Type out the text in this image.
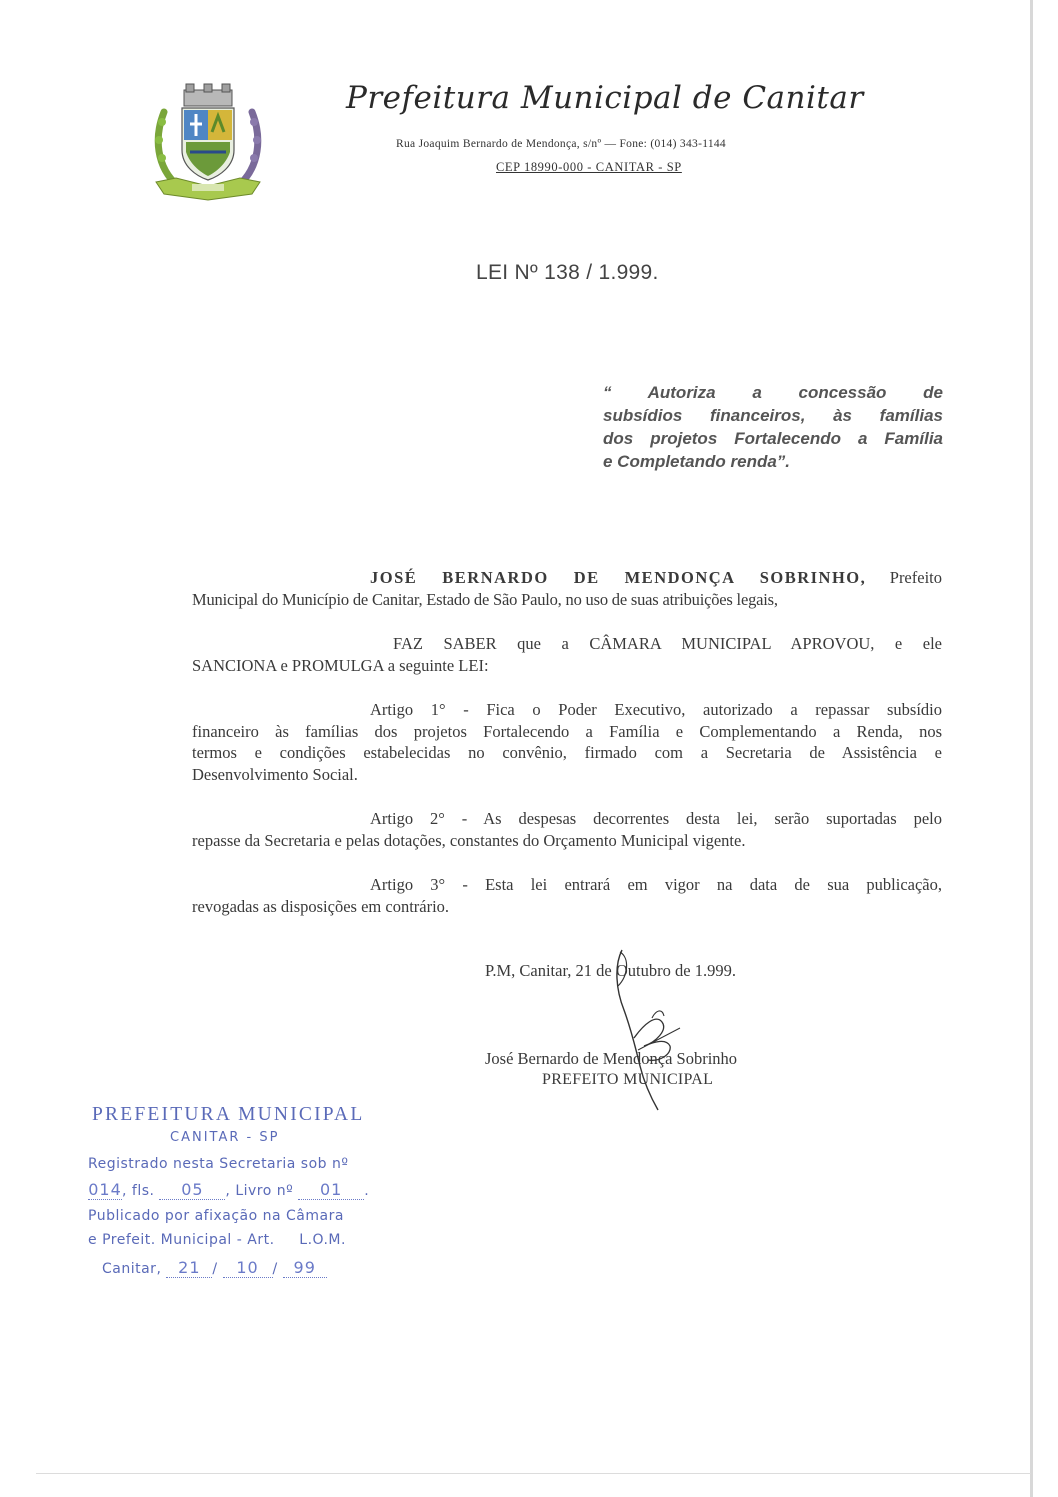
Prefeitura Municipal de Canitar
Rua Joaquim Bernardo de Mendonça, s/nº — Fone: (014) 343-1144
CEP 18990-000 - CANITAR - SP
LEI Nº 138 / 1.999.
“ Autoriza a concessão de
subsídios financeiros, às famílias
dos projetos Fortalecendo a Família
e Completando renda”.
JOSÉ BERNARDO DE MENDONÇA SOBRINHO, Prefeito
Municipal do Município de Canitar, Estado de São Paulo, no uso de suas atribuições legais,
FAZ SABER que a CÂMARA MUNICIPAL APROVOU, e ele
SANCIONA e PROMULGA a seguinte LEI:
Artigo 1° - Fica o Poder Executivo, autorizado a repassar subsídio
financeiro às famílias dos projetos Fortalecendo a Família e Complementando a Renda, nos
termos e condições estabelecidas no convênio, firmado com a Secretaria de Assistência e
Desenvolvimento Social.
Artigo 2° - As despesas decorrentes desta lei, serão suportadas pelo
repasse da Secretaria e pelas dotações, constantes do Orçamento Municipal vigente.
Artigo 3° - Esta lei entrará em vigor na data de sua publicação,
revogadas as disposições em contrário.
P.M, Canitar, 21 de Outubro de 1.999.
José Bernardo de Mendonça Sobrinho
PREFEITO MUNICIPAL
PREFEITURA MUNICIPAL
CANITAR - SP
Registrado nesta Secretaria sob nº
014, fls. 05 , Livro nº 01 .
Publicado por afixação na Câmara
e Prefeit. Municipal - Art.     L.O.M.
Canitar, 21 / 10 / 99
